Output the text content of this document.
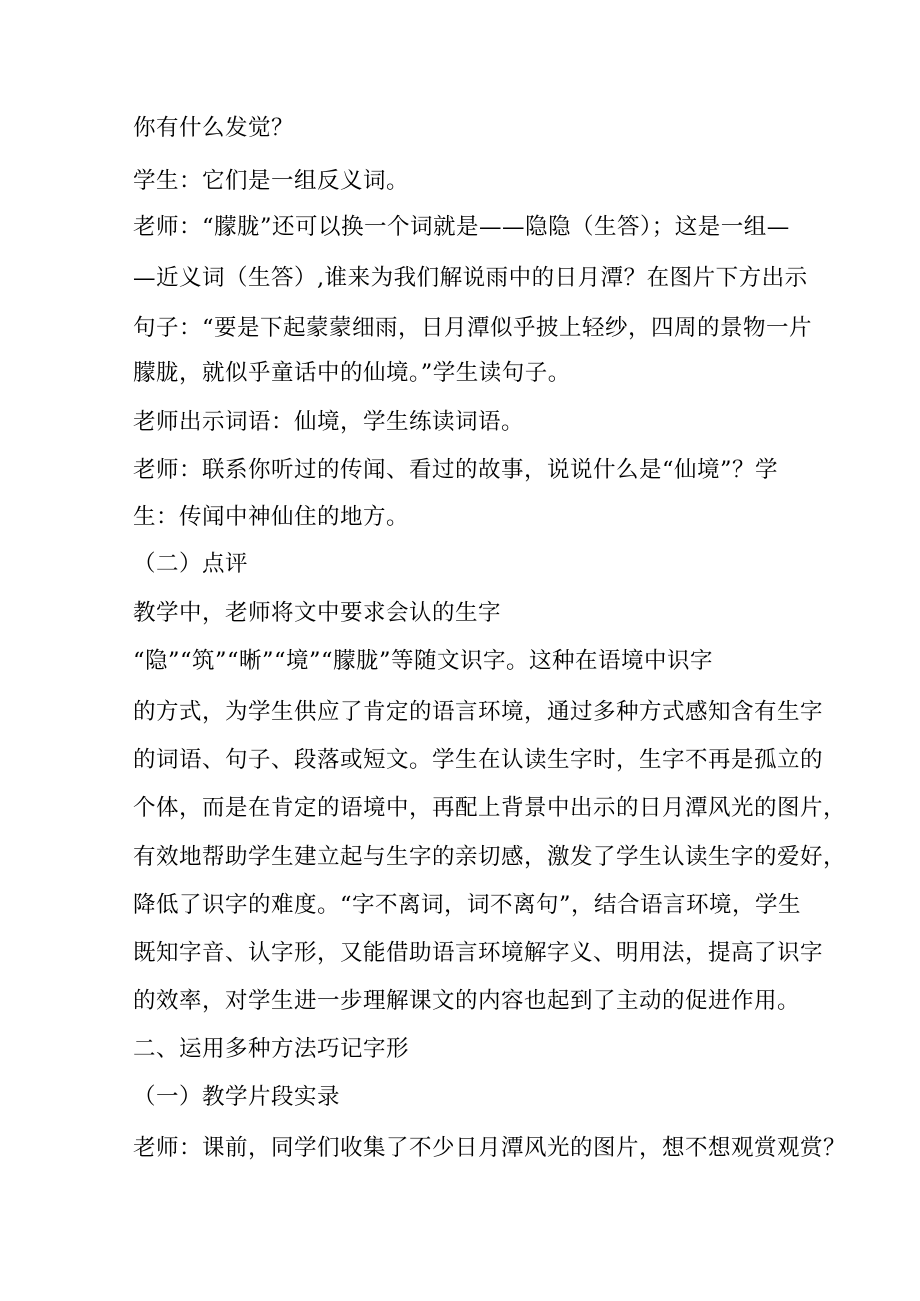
你有什么发觉？
学生：它们是一组反义词。
老师：“朦胧”还可以换一个词就是——隐隐（生答）；这是一组—
—近义词（生答）,谁来为我们解说雨中的日月潭？在图片下方出示
句子：“要是下起蒙蒙细雨，日月潭似乎披上轻纱，四周的景物一片
朦胧，就似乎童话中的仙境。”学生读句子。
老师出示词语：仙境，学生练读词语。
老师：联系你听过的传闻、看过的故事，说说什么是“仙境”？学
生：传闻中神仙住的地方。
（二）点评
教学中，老师将文中要求会认的生字
“隐”“筑”“晰”“境”“朦胧”等随文识字。这种在语境中识字
的方式，为学生供应了肯定的语言环境，通过多种方式感知含有生字
的词语、句子、段落或短文。学生在认读生字时，生字不再是孤立的
个体，而是在肯定的语境中，再配上背景中出示的日月潭风光的图片，
有效地帮助学生建立起与生字的亲切感，激发了学生认读生字的爱好，
降低了识字的难度。“字不离词，词不离句”，结合语言环境，学生
既知字音、认字形，又能借助语言环境解字义、明用法，提高了识字
的效率，对学生进一步理解课文的内容也起到了主动的促进作用。
二、运用多种方法巧记字形
（一）教学片段实录
老师：课前，同学们收集了不少日月潭风光的图片，想不想观赏观赏？
